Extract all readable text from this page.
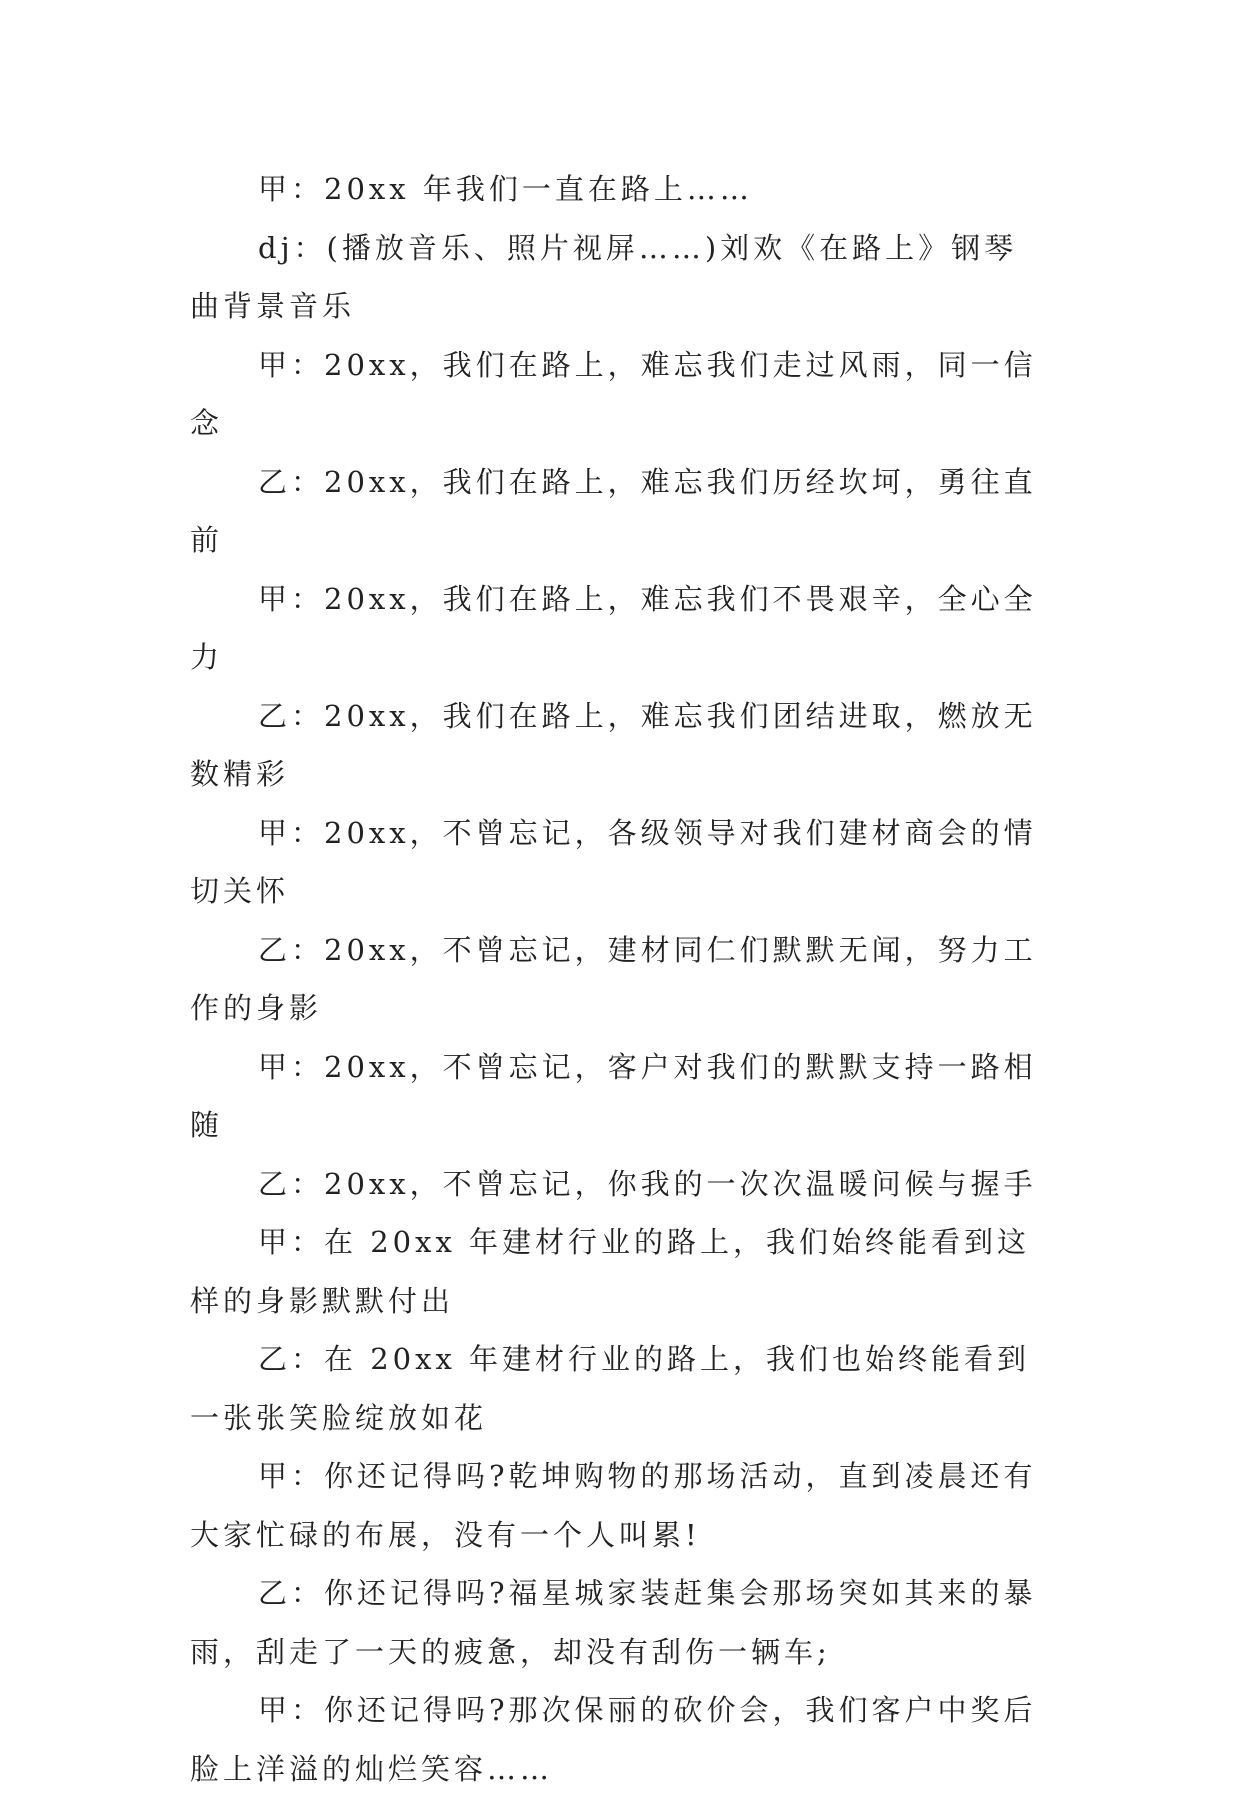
甲：20xx 年我们一直在路上……

dj：(播放音乐、照片视屏……)刘欢《在路上》钢琴曲背景音乐

甲：20xx，我们在路上，难忘我们走过风雨，同一信念

乙：20xx，我们在路上，难忘我们历经坎坷，勇往直前

甲：20xx，我们在路上，难忘我们不畏艰辛，全心全力

乙：20xx，我们在路上，难忘我们团结进取，燃放无数精彩

甲：20xx，不曾忘记，各级领导对我们建材商会的情切关怀

乙：20xx，不曾忘记，建材同仁们默默无闻，努力工作的身影

甲：20xx，不曾忘记，客户对我们的默默支持一路相随

乙：20xx，不曾忘记，你我的一次次温暖问候与握手

甲：在 20xx 年建材行业的路上，我们始终能看到这样的身影默默付出

乙：在 20xx 年建材行业的路上，我们也始终能看到一张张笑脸绽放如花

甲：你还记得吗?乾坤购物的那场活动，直到凌晨还有大家忙碌的布展，没有一个人叫累!

乙：你还记得吗?福星城家装赶集会那场突如其来的暴雨，刮走了一天的疲惫，却没有刮伤一辆车;

甲：你还记得吗?那次保丽的砍价会，我们客户中奖后脸上洋溢的灿烂笑容……
